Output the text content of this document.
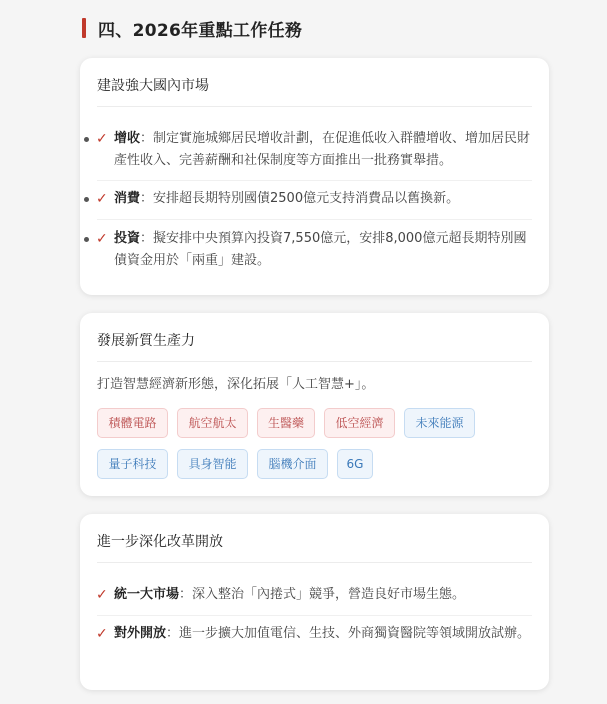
四、2026年重點工作任務
建設強大國內市場
✓ 增收：制定實施城鄉居民增收計劃，在促進低收入群體增收、增加居民財產性收入、完善薪酬和社保制度等方面推出一批務實舉措。
✓ 消費：安排超長期特別國債2500億元支持消費品以舊換新。
✓ 投資：擬安排中央預算內投資7,550億元，安排8,000億元超長期特別國債資金用於「兩重」建設。
發展新質生產力
打造智慧經濟新形態，深化拓展「人工智慧+」。
積體電路	航空航太	生醫藥	低空經濟	未來能源
量子科技	具身智能	腦機介面	6G
進一步深化改革開放
✓ 統一大市場：深入整治「內捲式」競爭，營造良好市場生態。
✓ 對外開放：進一步擴大加值電信、生技、外商獨資醫院等領域開放試辦。
